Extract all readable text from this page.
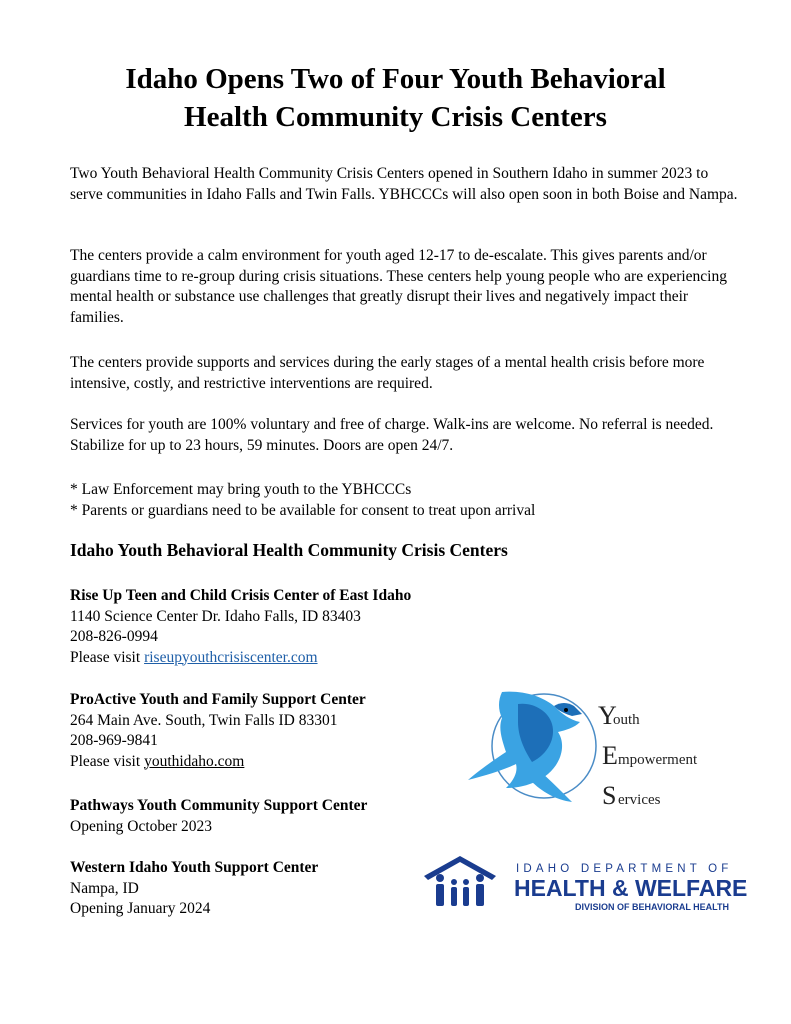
Idaho Opens Two of Four Youth Behavioral
Health Community Crisis Centers

Two Youth Behavioral Health Community Crisis Centers opened in Southern Idaho in summer 2023 to serve communities in Idaho Falls and Twin Falls. YBHCCCs will also open soon in both Boise and Nampa.

The centers provide a calm environment for youth aged 12-17 to de-escalate. This gives parents and/or guardians time to re-group during crisis situations. These centers help young people who are experiencing mental health or substance use challenges that greatly disrupt their lives and negatively impact their families.

The centers provide supports and services during the early stages of a mental health crisis before more intensive, costly, and restrictive interventions are required.

Services for youth are 100% voluntary and free of charge. Walk-ins are welcome. No referral is needed. Stabilize for up to 23 hours, 59 minutes. Doors are open 24/7.

* Law Enforcement may bring youth to the YBHCCCs

* Parents or guardians need to be available for consent to treat upon arrival

Idaho Youth Behavioral Health Community Crisis Centers
Rise Up Teen and Child Crisis Center of East Idaho
1140 Science Center Dr. Idaho Falls, ID 83403
208-826-0994
Please visit riseupyouthcrisiscenter.com
ProActive Youth and Family Support Center
264 Main Ave. South, Twin Falls ID 83301
208-969-9841
Please visit youthidaho.com
Pathways Youth Community Support Center
Opening October 2023
Western Idaho Youth Support Center
Nampa, ID
Opening January 2024
Y
outh
E mpowerment
S ervices
IDAHO DEPARTMENT OF
HEALTH & WELFARE
DIVISION OF BEHAVIORAL HEALTH
